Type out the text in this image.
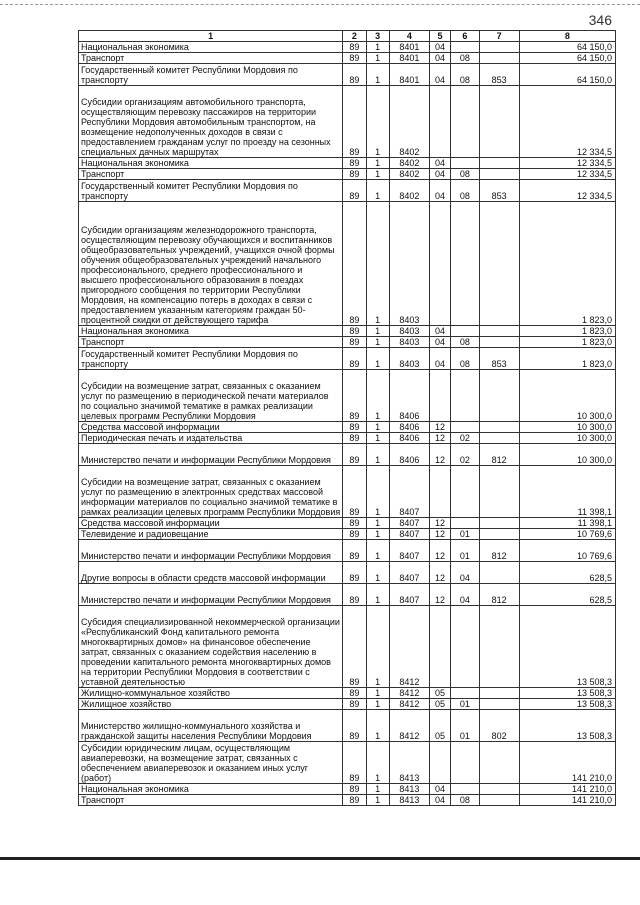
346
1	2	3	4	5	6	7	8
Национальная экономика	89	1	8401	04			64 150,0
Транспорт	89	1	8401	04	08		64 150,0
Государственный комитет Республики Мордовия по транспорту	89	1	8401	04	08	853	64 150,0
Субсидии организациям автомобильного транспорта, осуществляющим перевозку пассажиров на территории Республики Мордовия автомобильным транспортом, на возмещение недополученных доходов в связи с предоставлением гражданам услуг по проезду на сезонных специальных дачных маршрутах	89	1	8402				12 334,5
Национальная экономика	89	1	8402	04			12 334,5
Транспорт	89	1	8402	04	08		12 334,5
Государственный комитет Республики Мордовия по транспорту	89	1	8402	04	08	853	12 334,5
Субсидии организациям железнодорожного транспорта, осуществляющим перевозку обучающихся и воспитанников общеобразовательных учреждений, учащихся очной формы обучения общеобразовательных учреждений начального профессионального, среднего профессионального и высшего профессионального образования в поездах пригородного сообщения по территории Республики Мордовия, на компенсацию потерь в доходах в связи с предоставлением указанным категориям граждан 50-процентной скидки от действующего тарифа	89	1	8403				1 823,0
Национальная экономика	89	1	8403	04			1 823,0
Транспорт	89	1	8403	04	08		1 823,0
Государственный комитет Республики Мордовия по транспорту	89	1	8403	04	08	853	1 823,0
Субсидии на возмещение затрат, связанных с оказанием услуг по размещению в периодической печати материалов по социально значимой тематике в рамках реализации целевых программ Республики Мордовия	89	1	8406				10 300,0
Средства массовой информации	89	1	8406	12			10 300,0
Периодическая печать и издательства	89	1	8406	12	02		10 300,0
Министерство печати и информации Республики Мордовия	89	1	8406	12	02	812	10 300,0
Субсидии на возмещение затрат, связанных с оказанием услуг по размещению в электронных средствах массовой информации материалов по социально значимой тематике в рамках реализации целевых программ Республики Мордовия	89	1	8407				11 398,1
Средства массовой информации	89	1	8407	12			11 398,1
Телевидение и радиовещание	89	1	8407	12	01		10 769,6
Министерство печати и информации Республики Мордовия	89	1	8407	12	01	812	10 769,6
Другие вопросы в области средств массовой информации	89	1	8407	12	04		628,5
Министерство печати и информации Республики Мордовия	89	1	8407	12	04	812	628,5
Субсидия специализированной некоммерческой организации «Республиканский Фонд капитального ремонта многоквартирных домов» на финансовое обеспечение затрат, связанных с оказанием содействия населению в проведении капитального ремонта многоквартирных домов на территории Республики Мордовия в соответствии с уставной деятельностью	89	1	8412				13 508,3
Жилищно-коммунальное хозяйство	89	1	8412	05			13 508,3
Жилищное хозяйство	89	1	8412	05	01		13 508,3
Министерство жилищно-коммунального хозяйства и гражданской защиты населения Республики Мордовия	89	1	8412	05	01	802	13 508,3
Субсидии юридическим лицам, осуществляющим авиаперевозки, на возмещение затрат, связанных с обеспечением авиаперевозок и оказанием иных услуг (работ)	89	1	8413				141 210,0
Национальная экономика	89	1	8413	04			141 210,0
Транспорт	89	1	8413	04	08		141 210,0
